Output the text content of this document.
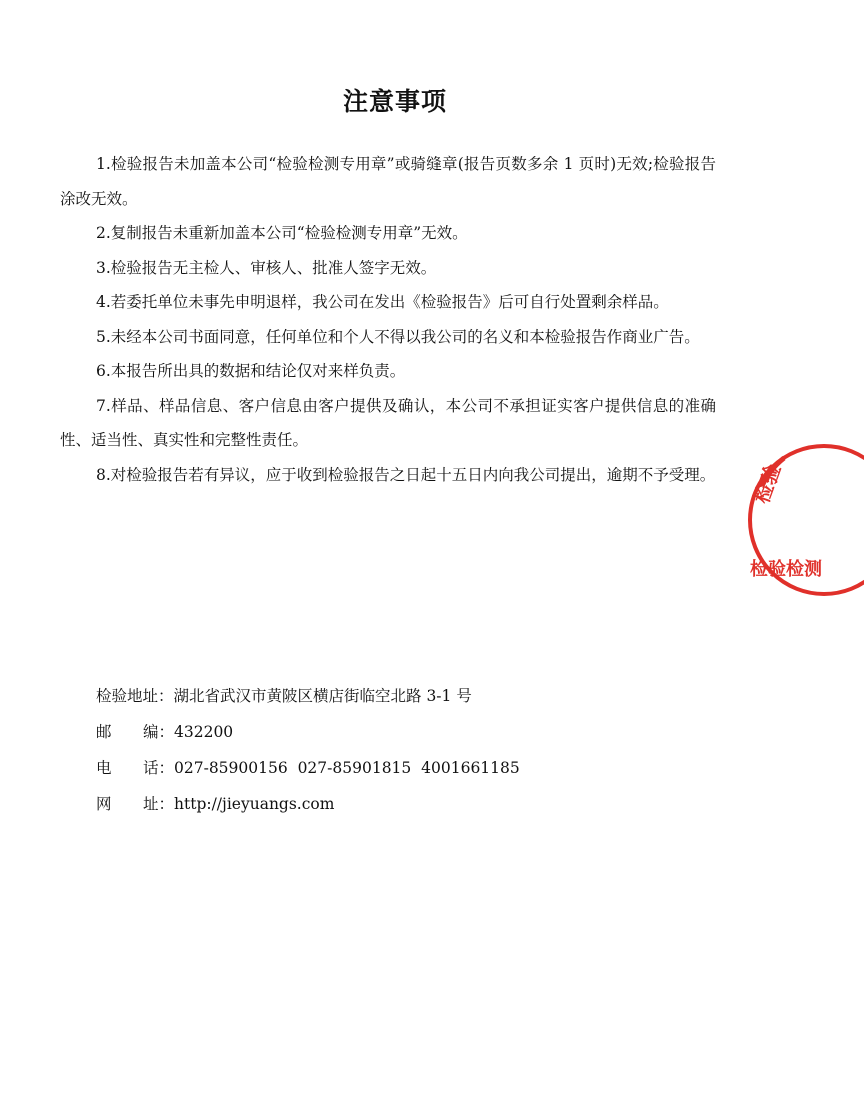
注意事项

1.检验报告未加盖本公司“检验检测专用章”或骑缝章(报告页数多余 1 页时)无效;检验报告涂改无效。

2.复制报告未重新加盖本公司“检验检测专用章”无效。

3.检验报告无主检人、审核人、批准人签字无效。

4.若委托单位未事先申明退样，我公司在发出《检验报告》后可自行处置剩余样品。

5.未经本公司书面同意，任何单位和个人不得以我公司的名义和本检验报告作商业广告。

6.本报告所出具的数据和结论仅对来样负责。

7.样品、样品信息、客户信息由客户提供及确认，本公司不承担证实客户提供信息的准确性、适当性、真实性和完整性责任。

8.对检验报告若有异议，应于收到检验报告之日起十五日内向我公司提出，逾期不予受理。

检验地址： 湖北省武汉市黄陂区横店街临空北路 3-1 号
邮 编： 432200
电 话： 027-85900156  027-85901815  4001661185
网 址： http://jieyuangs.com
检验
检验检测
